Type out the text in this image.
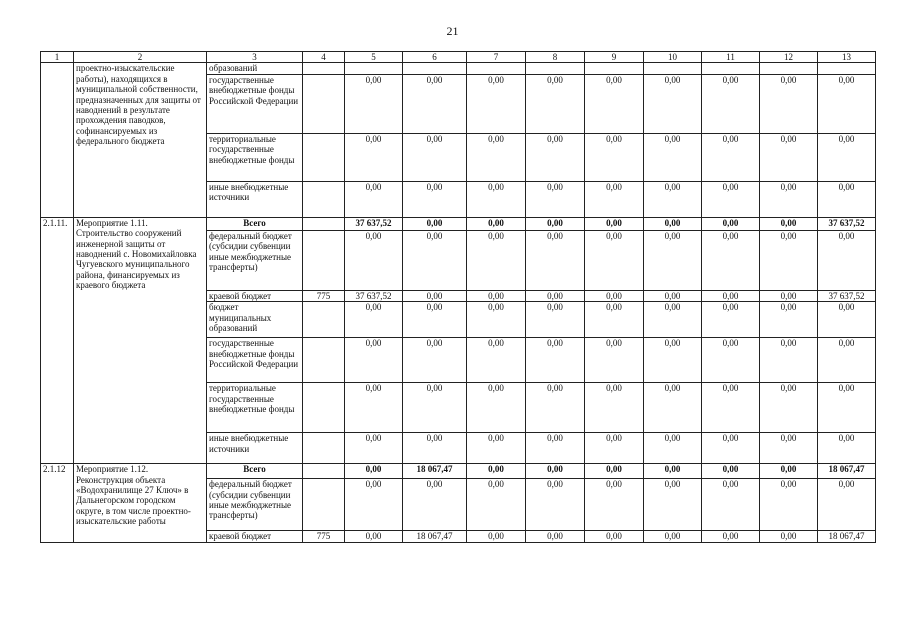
21
1	2	3	4	5	6	7	8	9	10	11	12	13
	проектно-изыскательские работы), находящихся в муниципальной собственности, предназначенных для защиты от наводнений в результате прохождения паводков, софинансируемых из федерального бюджета	образований										
		государственные внебюджетные фонды Российской Федерации		0,00	0,00	0,00	0,00	0,00	0,00	0,00	0,00	0,00
		территориальные государственные внебюджетные фонды		0,00	0,00	0,00	0,00	0,00	0,00	0,00	0,00	0,00
		иные внебюджетные источники		0,00	0,00	0,00	0,00	0,00	0,00	0,00	0,00	0,00
2.1.11.	Мероприятие 1.11. Строительство сооружений инженерной защиты от наводнений с. Новомихайловка Чугуевского муниципального района, финансируемых из краевого бюджета	Всего		37 637,52	0,00	0,00	0,00	0,00	0,00	0,00	0,00	37 637,52
		федеральный бюджет (субсидии субвенции иные межбюджетные трансферты)		0,00	0,00	0,00	0,00	0,00	0,00	0,00	0,00	0,00
		краевой бюджет	775	37 637,52	0,00	0,00	0,00	0,00	0,00	0,00	0,00	37 637,52
		бюджет муниципальных образований		0,00	0,00	0,00	0,00	0,00	0,00	0,00	0,00	0,00
		государственные внебюджетные фонды Российской Федерации		0,00	0,00	0,00	0,00	0,00	0,00	0,00	0,00	0,00
		территориальные государственные внебюджетные фонды		0,00	0,00	0,00	0,00	0,00	0,00	0,00	0,00	0,00
		иные внебюджетные источники		0,00	0,00	0,00	0,00	0,00	0,00	0,00	0,00	0,00
2.1.12	Мероприятие 1.12. Реконструкция объекта «Водохранилище 27 Ключ» в Дальнегорском городском округе, в том числе проектно-изыскательские работы	Всего		0,00	18 067,47	0,00	0,00	0,00	0,00	0,00	0,00	18 067,47
		федеральный бюджет (субсидии субвенции иные межбюджетные трансферты)		0,00	0,00	0,00	0,00	0,00	0,00	0,00	0,00	0,00
		краевой бюджет	775	0,00	18 067,47	0,00	0,00	0,00	0,00	0,00	0,00	18 067,47
